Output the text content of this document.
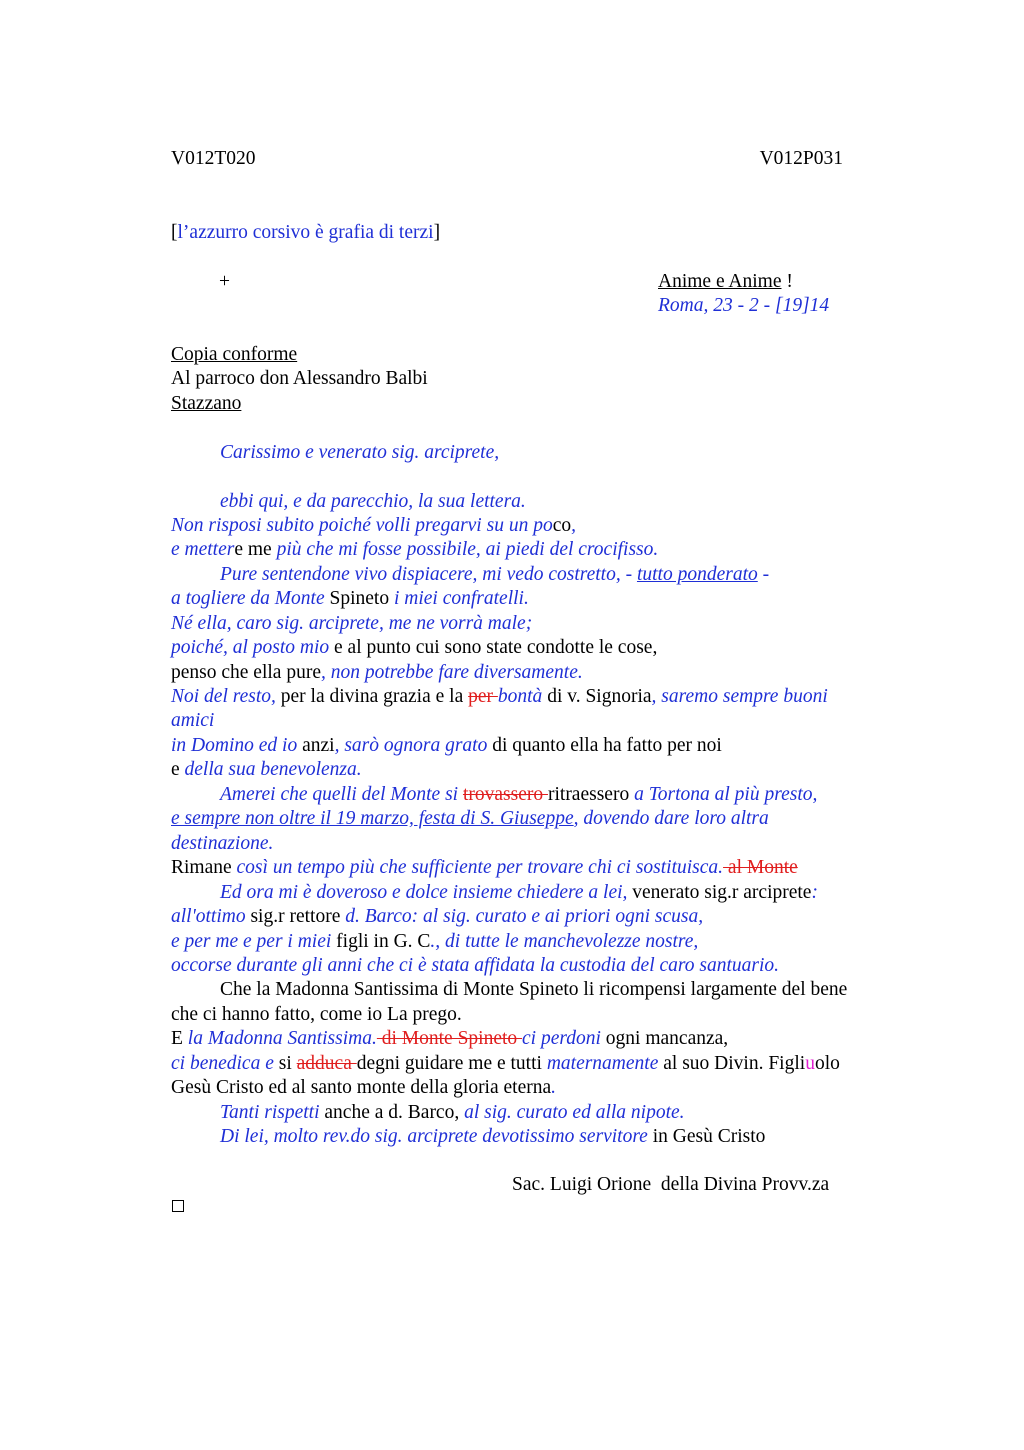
V012T020	V012P031
[l’azzurro corsivo è grafia di terzi]
+	Anime e Anime !
Roma, 23 - 2 - [19]14
Copia conforme
Al parroco don Alessandro Balbi
Stazzano
Carissimo e venerato sig. arciprete,
ebbi qui, e da parecchio, la sua lettera.
Non risposi subito poiché volli pregarvi su un poco,
e mettere me più che mi fosse possibile, ai piedi del crocifisso.
Pure sentendone vivo dispiacere, mi vedo costretto, - tutto ponderato -
a togliere da Monte Spineto i miei confratelli.
Né ella, caro sig. arciprete, me ne vorrà male;
poiché, al posto mio e al punto cui sono state condotte le cose,
penso che ella pure, non potrebbe fare diversamente.
Noi del resto, per la divina grazia e la per bontà di v. Signoria, saremo sempre buoni
amici
in Domino ed io anzi, sarò ognora grato di quanto ella ha fatto per noi
e della sua benevolenza.
Amerei che quelli del Monte si trovassero ritraessero a Tortona al più presto,
e sempre non oltre il 19 marzo, festa di S. Giuseppe, dovendo dare loro altra
destinazione.
Rimane così un tempo più che sufficiente per trovare chi ci sostituisca. al Monte
Ed ora mi è doveroso e dolce insieme chiedere a lei, venerato sig.r arciprete:
all'ottimo sig.r rettore d. Barco: al sig. curato e ai priori ogni scusa,
e per me e per i miei figli in G. C., di tutte le manchevolezze nostre,
occorse durante gli anni che ci è stata affidata la custodia del caro santuario.
Che la Madonna Santissima di Monte Spineto li ricompensi largamente del bene
che ci hanno fatto, come io La prego.
E la Madonna Santissima. di Monte Spineto ci perdoni ogni mancanza,
ci benedica e si adduca degni guidare me e tutti maternamente al suo Divin. Figliuolo
Gesù Cristo ed al santo monte della gloria eterna.
Tanti rispetti anche a d. Barco, al sig. curato ed alla nipote.
Di lei, molto rev.do sig. arciprete devotissimo servitore in Gesù Cristo
Sac. Luigi Orione  della Divina Provv.za
